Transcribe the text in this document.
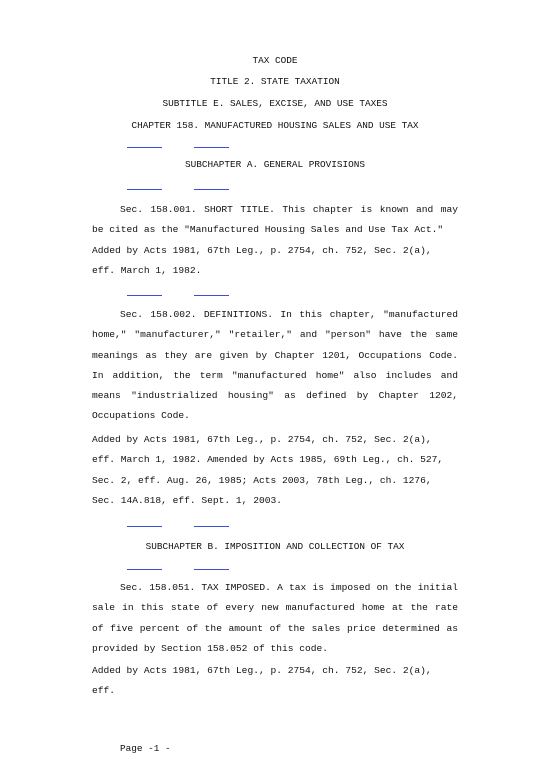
TAX CODE
TITLE 2. STATE TAXATION
SUBTITLE E. SALES, EXCISE, AND USE TAXES
CHAPTER 158. MANUFACTURED HOUSING SALES AND USE TAX
SUBCHAPTER A. GENERAL PROVISIONS
Sec. 158.001. SHORT TITLE. This chapter is known and may be cited as the "Manufactured Housing Sales and Use Tax Act."
Added by Acts 1981, 67th Leg., p. 2754, ch. 752, Sec. 2(a), eff. March 1, 1982.
Sec. 158.002. DEFINITIONS. In this chapter, "manufactured home," "manufacturer," "retailer," and "person" have the same meanings as they are given by Chapter 1201, Occupations Code. In addition, the term "manufactured home" also includes and means "industrialized housing" as defined by Chapter 1202, Occupations Code.
Added by Acts 1981, 67th Leg., p. 2754, ch. 752, Sec. 2(a), eff. March 1, 1982. Amended by Acts 1985, 69th Leg., ch. 527, Sec. 2, eff. Aug. 26, 1985; Acts 2003, 78th Leg., ch. 1276, Sec. 14A.818, eff. Sept. 1, 2003.
SUBCHAPTER B. IMPOSITION AND COLLECTION OF TAX
Sec. 158.051. TAX IMPOSED. A tax is imposed on the initial sale in this state of every new manufactured home at the rate of five percent of the amount of the sales price determined as provided by Section 158.052 of this code.
Added by Acts 1981, 67th Leg., p. 2754, ch. 752, Sec. 2(a), eff.
Page -1 -
